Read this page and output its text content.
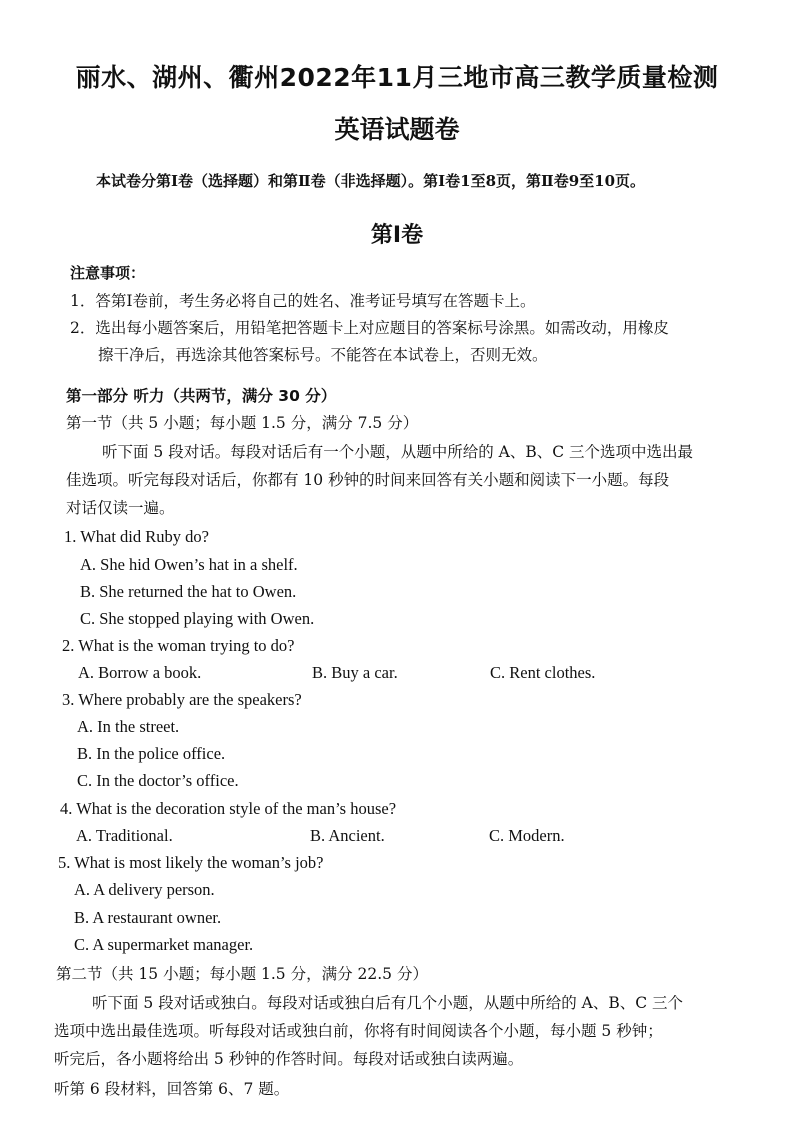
丽水、湖州、衢州2022年11月三地市高三教学质量检测
英语试题卷
本试卷分第Ⅰ卷（选择题）和第Ⅱ卷（非选择题）。第Ⅰ卷1至8页，第Ⅱ卷9至10页。
第Ⅰ卷
注意事项：
1．答第Ⅰ卷前，考生务必将自己的姓名、准考证号填写在答题卡上。
2．选出每小题答案后，用铅笔把答题卡上对应题目的答案标号涂黑。如需改动，用橡皮
擦干净后，再选涂其他答案标号。不能答在本试卷上，否则无效。
第一部分 听力（共两节，满分 30 分）
第一节（共 5 小题；每小题 1.5 分，满分 7.5 分）
听下面 5 段对话。每段对话后有一个小题，从题中所给的 A、B、C 三个选项中选出最
佳选项。听完每段对话后，你都有 10 秒钟的时间来回答有关小题和阅读下一小题。每段
对话仅读一遍。
1. What did Ruby do?
A. She hid Owen’s hat in a shelf.
B. She returned the hat to Owen.
C. She stopped playing with Owen.
2. What is the woman trying to do?
A. Borrow a book.	B. Buy a car.	C. Rent clothes.
3. Where probably are the speakers?
A. In the street.
B. In the police office.
C. In the doctor’s office.
4. What is the decoration style of the man’s house?
A. Traditional.	B. Ancient.	C. Modern.
5. What is most likely the woman’s job?
A. A delivery person.
B. A restaurant owner.
C. A supermarket manager.
第二节（共 15 小题；每小题 1.5 分，满分 22.5 分）
听下面 5 段对话或独白。每段对话或独白后有几个小题，从题中所给的 A、B、C 三个
选项中选出最佳选项。听每段对话或独白前，你将有时间阅读各个小题，每小题 5 秒钟；
听完后，各小题将给出 5 秒钟的作答时间。每段对话或独白读两遍。
听第 6 段材料，回答第 6、7 题。
